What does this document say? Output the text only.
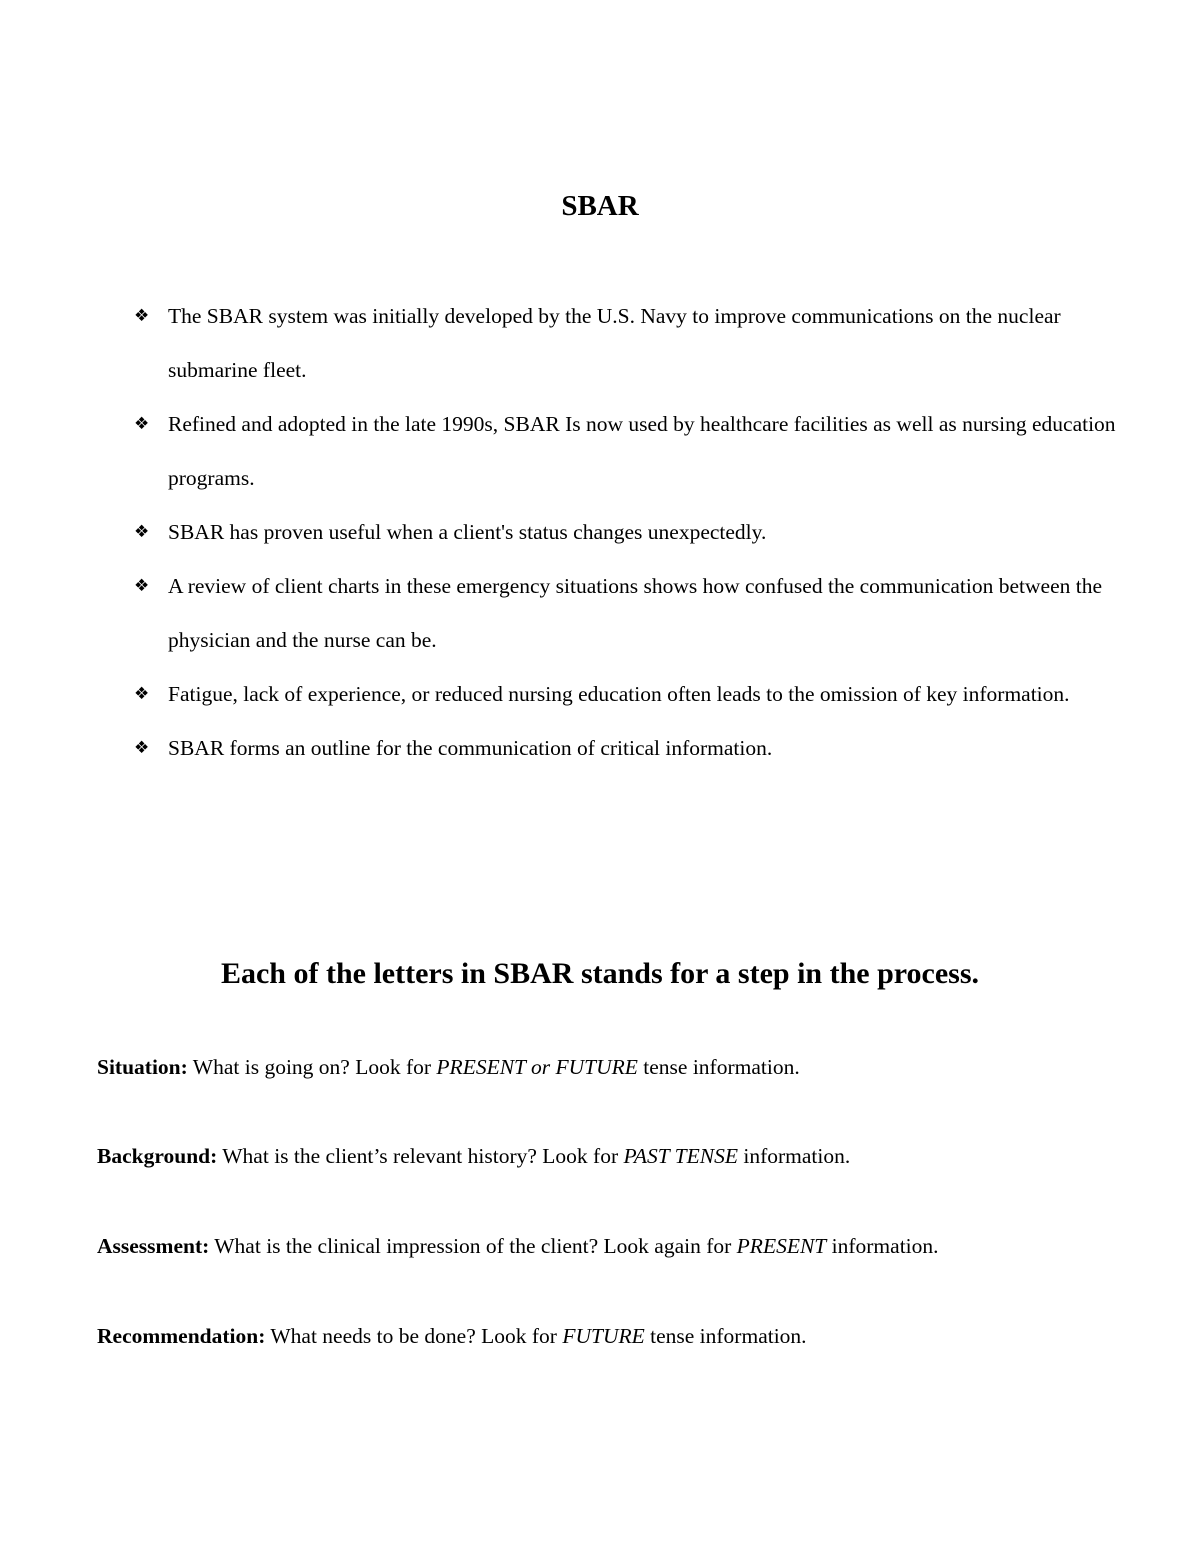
SBAR
❖ The SBAR system was initially developed by the U.S. Navy to improve communications on the nuclear submarine fleet.
❖ Refined and adopted in the late 1990s, SBAR Is now used by healthcare facilities as well as nursing education programs.
❖ SBAR has proven useful when a client's status changes unexpectedly.
❖ A review of client charts in these emergency situations shows how confused the communication between the physician and the nurse can be.
❖ Fatigue, lack of experience, or reduced nursing education often leads to the omission of key information.
❖ SBAR forms an outline for the communication of critical information.
Each of the letters in SBAR stands for a step in the process.

Situation: What is going on? Look for PRESENT or FUTURE tense information.

Background: What is the client’s relevant history? Look for PAST TENSE information.

Assessment: What is the clinical impression of the client? Look again for PRESENT information.

Recommendation: What needs to be done? Look for FUTURE tense information.
